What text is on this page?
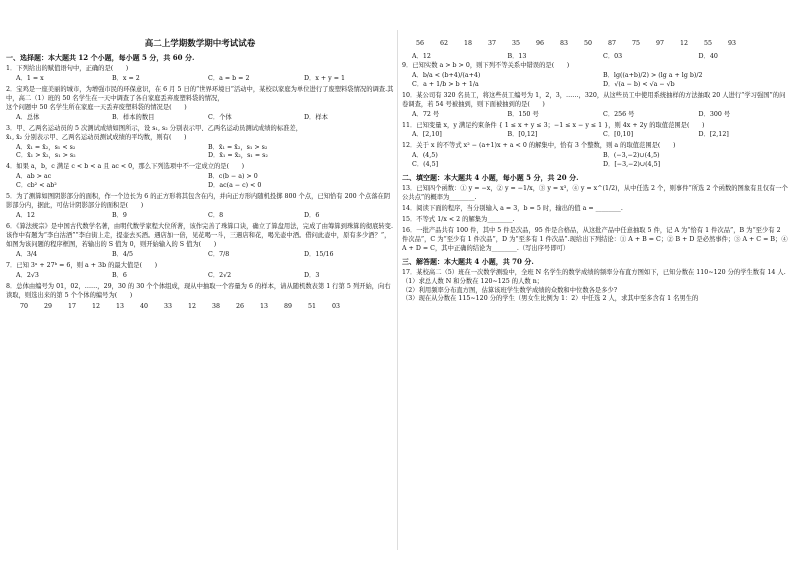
高二上学期数学期中考试试卷
一、选择题：本大题共 12 个小题，每小题 5 分，共 60 分.

1．下列给出的赋值语句中，正确的是(　　)

A．1 = x	B．x = 2	C．a = b = 2	D．x + y = 1

2．宝鸡是一座美丽的城市，为增强市民的环保意识，在 6 月 5 日的“世界环境日”活动中，某校以家庭为单位进行了废塑料袋情况的调查.其中，高二（1）班的 50 名学生在一天中调查了各自家庭丢弃废塑料袋的情况，

这个问题中 50 名学生所在家庭一天丢弃废塑料袋的情况是(　　)

A．总体	B．样本的数目	C．个体	D．样本

3．甲、乙两名运动员的 5 次测试成绩如图所示，设 s₁, s₂ 分别表示甲、乙两名运动员测试成绩的标准差，

x̄₁, x̄₂ 分别表示甲、乙两名运动员测试成绩的平均数，则有(　　)

A．x̄₁ = x̄₂，s₁ < s₂	B．x̄₁ = x̄₂，s₁ > s₂
C．x̄₁ > x̄₂，s₁ > s₂	D．x̄₁ = x̄₂，s₁ = s₂

4．如果 a，b，c 满足 c < b < a 且 ac < 0，那么下列选项中不一定成立的是(　　)

A．ab > ac	B．c(b − a) > 0
C．cb² < ab²	D．ac(a − c) < 0

5．为了测算如图阴影部分的面积，作一个边长为 6 的正方形将其包含在内，并向正方形内随机投掷 800 个点，已知恰有 200 个点落在阴影部分内，据此，可估计阴影部分的面积是(　　)

A．12	B．9	C．8	D．6

6．《算法统宗》是中国古代数学名著，由明代数学家程大位所著，该作完善了珠算口诀，确立了算盘用法，完成了由筹算到珠算的彻底转变.该作中有题为“李白沽酒”“李白街上走，提壶去买酒。遇店加一倍，见花喝一斗，三遇店和花，喝光壶中酒。借问此壶中，原有多少酒？”，如图为该问题的程序框图，若输出的 S 值为 0，则开始输入的 S 值为(　　)

A．3/4	B．4/5	C．7/8	D．15/16

7．已知 3ᵃ + 27ᵇ = 6，则 a + 3b 的最大值是(　　)

A．2√3	B．6	C．2√2	D．3

8．总体由编号为 01，02，……，29，30 的 30 个个体组成，现从中抽取一个容量为 6 的样本，请从随机数表第 1 行第 5 列开始，向右读取，则选出来的第 5 个个体的编号为(　　)

70	29	17	12	13	40	33	12	38	26	13	89	51	03
56	62	18	37	35	96	83	50	87	75	97	12	55	93
A．12	B．13	C．03	D．40

9．已知实数 a > b > 0，则下列不等关系中错误的是(　　)

A．b/a < (b+4)/(a+4)	B．lg((a+b)/2) > (lg a + lg b)/2
C．a + 1/b > b + 1/a	D．√(a − b) < √a − √b

10．某公司有 320 名员工，将这些员工编号为 1，2，3，……，320，从这些员工中使用系统抽样的方法抽取 20 人进行“学习强国”的问卷调查，若 54 号被抽到，则下面被抽到的是(　　)

A．72 号	B．150 号	C．256 号	D．300 号

11．已知变量 x，y 满足约束条件 { 1 ≤ x + y ≤ 3；−1 ≤ x − y ≤ 1 }，则 4x + 2y 的取值范围是(　　)

A．[2,10]	B．[0,12]	C．[0,10]	D．[2,12]

12．关于 x 的不等式 x² − (a+1)x + a < 0 的解集中，恰有 3 个整数，则 a 的取值范围是(　　)

A．(4,5)	B．(−3,−2)∪(4,5)
C．(4,5]	D．[−3,−2)∪(4,5]
二、填空题：本大题共 4 小题，每小题 5 分，共 20 分.

13．已知四个函数：① y = −x，② y = −1/x，③ y = x³，④ y = x^(1/2)，从中任选 2 个，则事件“所选 2 个函数的图象有且仅有一个公共点”的概率为________.

14．阅读下面的程序，当分别输入 a = 3，b = 5 时，输出的值 a = ________.

15．不等式 1/x < 2 的解集为________.

16．一批产品共有 100 件，其中 5 件是次品，95 件是合格品，从这批产品中任意抽取 5 件，记 A 为“恰有 1 件次品”，B 为“至少有 2 件次品”，C 为“至少有 1 件次品”，D 为“至多有 1 件次品”.现给出下列结论：① A + B = C；② B + D 是必然事件；③ A + C = B；④ A + D = C，其中正确的结论为________.（写出序号即可）

三、解答题：本大题共 4 小题，共 70 分.

17．某校高二（5）班在一次数学测验中，全班 N 名学生的数学成绩的频率分布直方图如下，已知分数在 110~120 分的学生数有 14 人.

（1）求总人数 N 和分数在 120~125 的人数 n；

（2）利用频率分布直方图，估算该班学生数学成绩的众数和中位数各是多少?

（3）现在从分数在 115~120 分的学生（男女生比例为 1：2）中任选 2 人，求其中至多含有 1 名男生的
